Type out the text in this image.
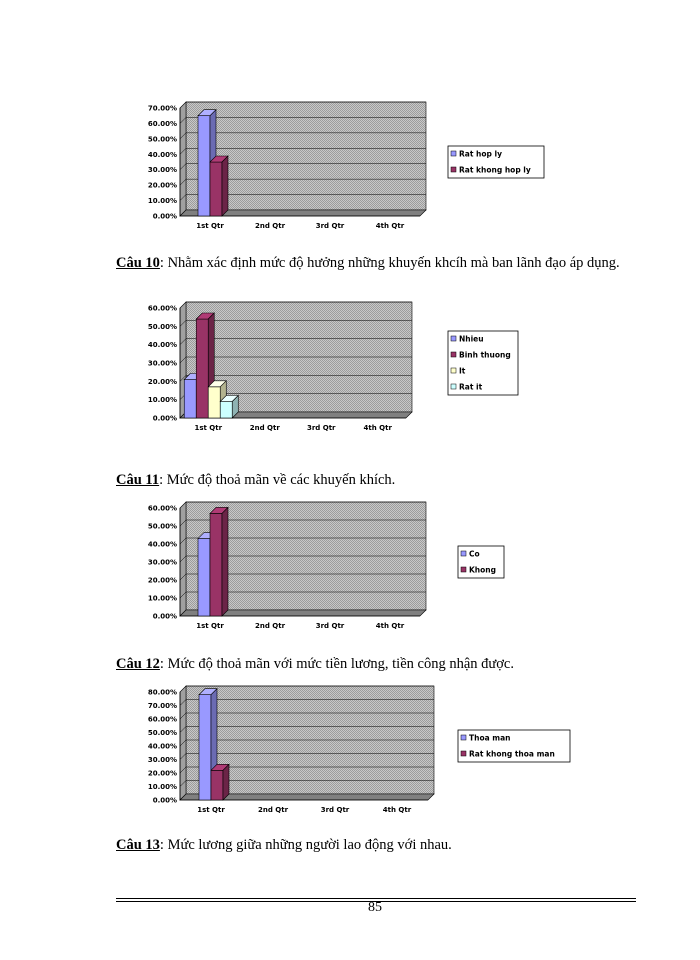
0.00%
10.00%
20.00%
30.00%
40.00%
50.00%
60.00%
70.00%
1st Qtr	2nd Qtr	3rd Qtr	4th Qtr
Rat hop ly
Rat khong hop ly
Câu 10: Nhằm xác định mức độ hưởng những khuyến khcíh mà ban lãnh đạo áp dụng.
0.00%
10.00%
20.00%
30.00%
40.00%
50.00%
60.00%
1st Qtr	2nd Qtr	3rd Qtr	4th Qtr
Nhieu
Binh thuong
It
Rat it
Câu 11: Mức độ thoả mãn về các khuyến khích.
0.00%
10.00%
20.00%
30.00%
40.00%
50.00%
60.00%
1st Qtr	2nd Qtr	3rd Qtr	4th Qtr
Co
Khong
Câu 12: Mức độ thoả mãn với mức tiền lương, tiền công nhận được.
0.00%
10.00%
20.00%
30.00%
40.00%
50.00%
60.00%
70.00%
80.00%
1st Qtr	2nd Qtr	3rd Qtr	4th Qtr
Thoa man
Rat khong thoa man
Câu 13: Mức lương giữa những người lao động với nhau.
85
